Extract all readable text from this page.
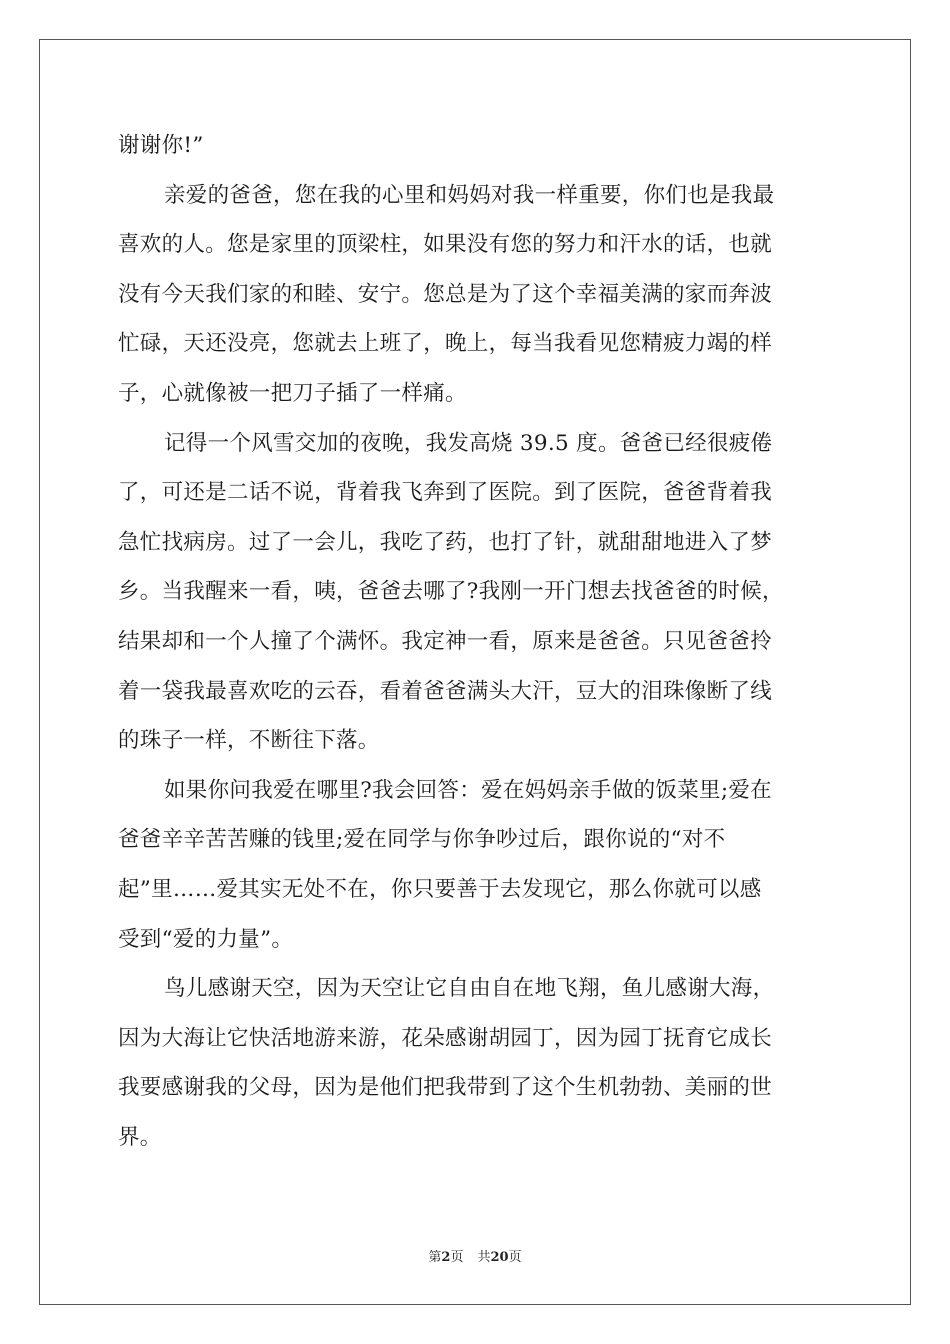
谢谢你!”
亲爱的爸爸，您在我的心里和妈妈对我一样重要，你们也是我最
喜欢的人。您是家里的顶梁柱，如果没有您的努力和汗水的话，也就
没有今天我们家的和睦、安宁。您总是为了这个幸福美满的家而奔波
忙碌，天还没亮，您就去上班了，晚上，每当我看见您精疲力竭的样
子，心就像被一把刀子插了一样痛。
记得一个风雪交加的夜晚，我发高烧 39.5 度。爸爸已经很疲倦
了，可还是二话不说，背着我飞奔到了医院。到了医院，爸爸背着我
急忙找病房。过了一会儿，我吃了药，也打了针，就甜甜地进入了梦
乡。当我醒来一看，咦，爸爸去哪了?我刚一开门想去找爸爸的时候，
结果却和一个人撞了个满怀。我定神一看，原来是爸爸。只见爸爸拎
着一袋我最喜欢吃的云吞，看着爸爸满头大汗，豆大的泪珠像断了线
的珠子一样，不断往下落。
如果你问我爱在哪里?我会回答：爱在妈妈亲手做的饭菜里;爱在
爸爸辛辛苦苦赚的钱里;爱在同学与你争吵过后，跟你说的“对不
起”里……爱其实无处不在，你只要善于去发现它，那么你就可以感
受到“爱的力量”。
鸟儿感谢天空，因为天空让它自由自在地飞翔，鱼儿感谢大海，
因为大海让它快活地游来游，花朵感谢胡园丁，因为园丁抚育它成长
我要感谢我的父母，因为是他们把我带到了这个生机勃勃、美丽的世
界。
第2页 共20页
